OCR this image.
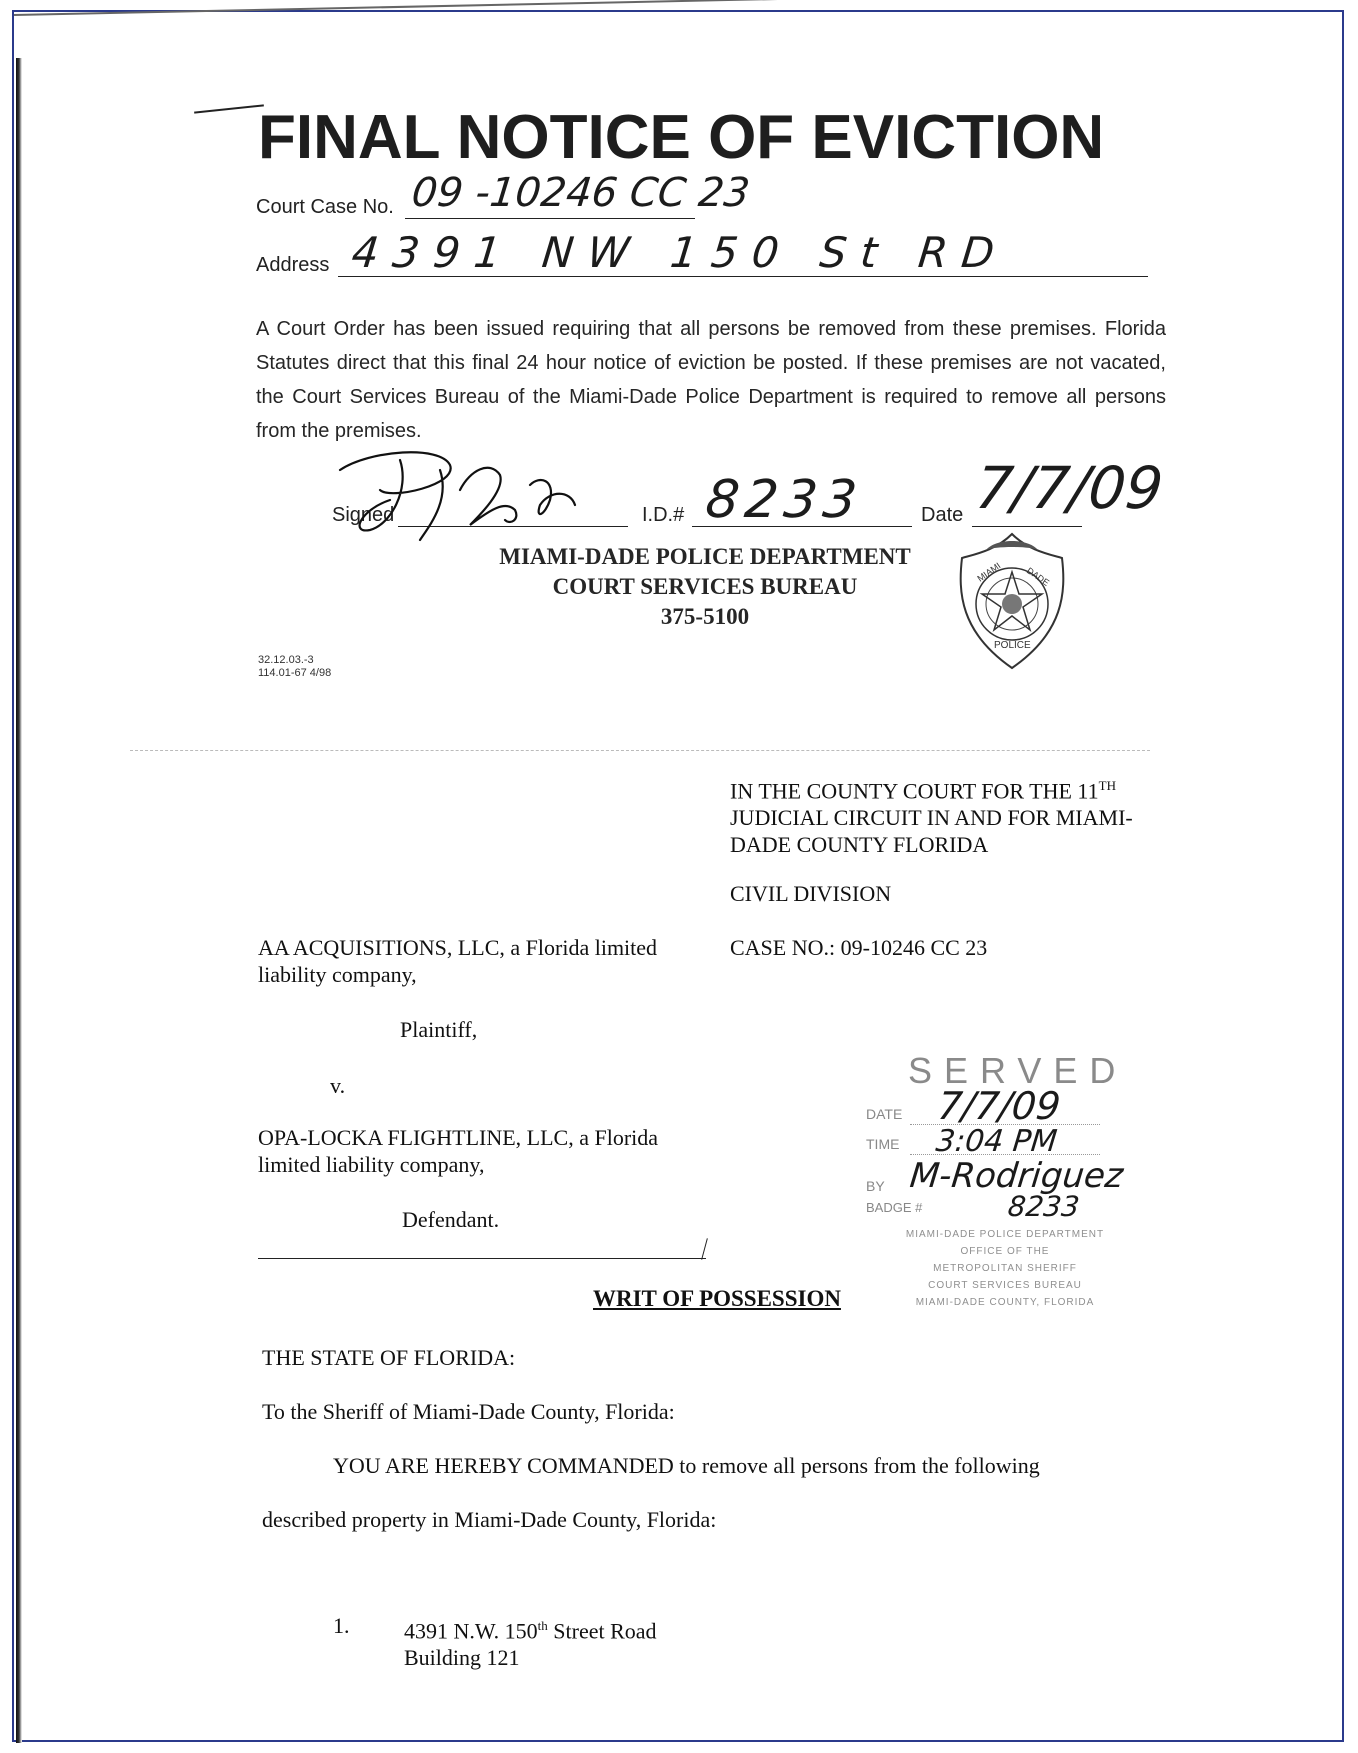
FINAL NOTICE OF EVICTION
Court Case No. 09 -10246 CC 23
Address 4391 NW 150 St RD
A Court Order has been issued requiring that all persons be removed from these premises. Florida Statutes direct that this final 24 hour notice of eviction be posted. If these premises are not vacated, the Court Services Bureau of the Miami-Dade Police Department is required to remove all persons from the premises.
Signed	I.D.# 8233	Date 7/7/09
MIAMI-DADE POLICE DEPARTMENT
COURT SERVICES BUREAU
375-5100
MIAMI DADE
POLICE
32.12.03.-3
114.01-67 4/98
IN THE COUNTY COURT FOR THE 11TH
JUDICIAL CIRCUIT IN AND FOR MIAMI-
DADE COUNTY FLORIDA
CIVIL DIVISION
CASE NO.: 09-10246 CC 23
AA ACQUISITIONS, LLC, a Florida limited
liability company,
Plaintiff,
v.
OPA-LOCKA FLIGHTLINE, LLC, a Florida
limited liability company,
Defendant.
WRIT OF POSSESSION
THE STATE OF FLORIDA:
To the Sheriff of Miami-Dade County, Florida:
YOU ARE HEREBY COMMANDED to remove all persons from the following
described property in Miami-Dade County, Florida:
1. 4391 N.W. 150th Street Road
Building 121
SERVED
DATE 7/7/09
TIME 3:04 PM
BY M-Rodriguez
BADGE #	8233
MIAMI-DADE POLICE DEPARTMENT
OFFICE OF THE
METROPOLITAN SHERIFF
COURT SERVICES BUREAU
MIAMI-DADE COUNTY, FLORIDA
